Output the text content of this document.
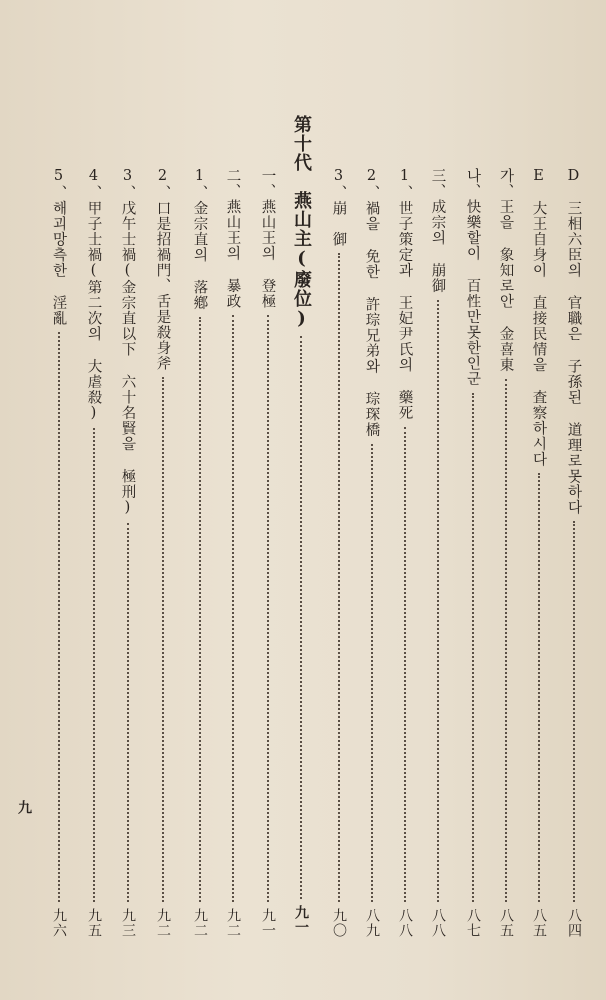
D　三相六臣의 官職은 子孫된 道理로못하다
八四
E　大王自身이 直接民情을 査察하시다
八五
가、王을 象知로안 金喜東
八五
나、快樂할이 百性만못한인군
八七
三、成宗의 崩御
八八
1、世子策定과 王妃尹氏의 藥死
八八
2、禍을 免한 許琮兄弟와 琮琛橋
八九
3、崩　御
九〇
第十代　燕山主(廢位)
九一
一、燕山王의 登極
九一
二、燕山王의 暴政
九二
1、金宗直의 落鄕
九二
2、口是招禍門、舌是殺身斧
九二
3、戊午士禍(金宗直以下 六十名賢을 極刑)
九三
4、甲子士禍(第二次의 大虐殺)
九五
5、해괴망측한 淫亂
九六
九
